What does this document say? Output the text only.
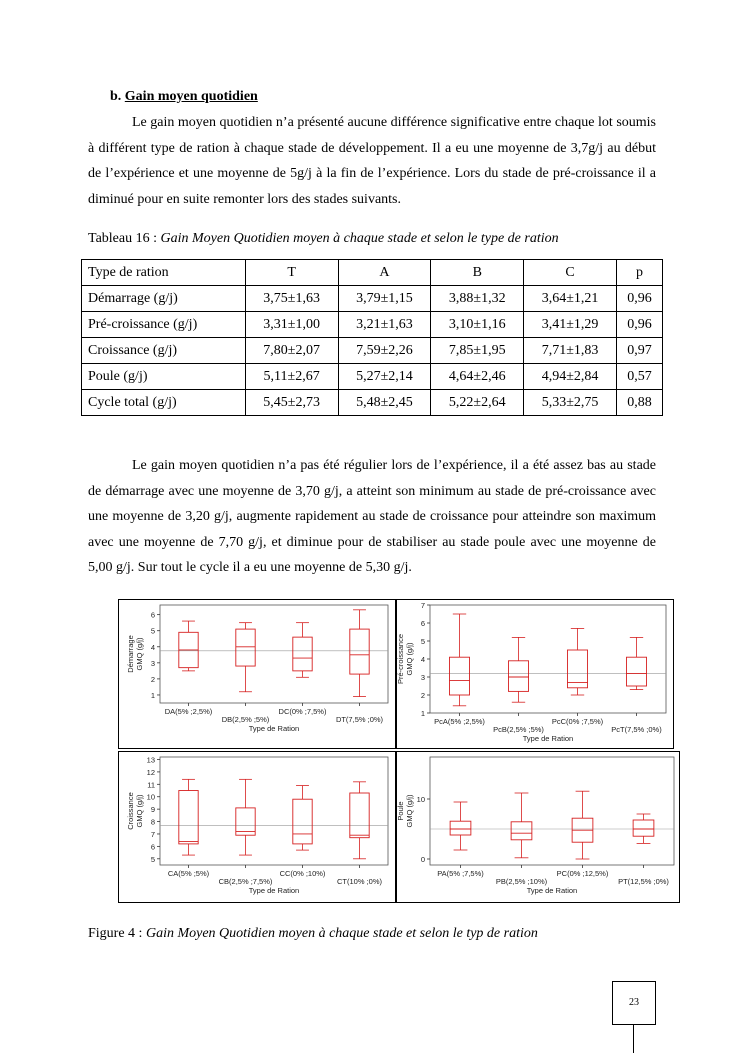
b. Gain moyen quotidien

Le gain moyen quotidien n’a présenté aucune différence significative entre chaque lot soumis à différent type de ration à chaque stade de développement. Il a eu une moyenne de 3,7g/j au début de l’expérience et une moyenne de 5g/j à la fin de l’expérience. Lors du stade de pré-croissance il a diminué pour en suite remonter lors des stades suivants.

Tableau 16 : Gain Moyen Quotidien moyen à chaque stade et selon le type de ration
Type de ration	T	A	B	C	p
Démarrage (g/j)	3,75±1,63	3,79±1,15	3,88±1,32	3,64±1,21	0,96
Pré-croissance (g/j)	3,31±1,00	3,21±1,63	3,10±1,16	3,41±1,29	0,96
Croissance (g/j)	7,80±2,07	7,59±2,26	7,85±1,95	7,71±1,83	0,97
Poule (g/j)	5,11±2,67	5,27±2,14	4,64±2,46	4,94±2,84	0,57
Cycle total (g/j)	5,45±2,73	5,48±2,45	5,22±2,64	5,33±2,75	0,88

Le gain moyen quotidien n’a pas été régulier lors de l’expérience, il a été assez bas au stade de démarrage avec une moyenne de 3,70 g/j, a atteint son minimum au stade de pré-croissance avec une moyenne de 3,20 g/j, augmente rapidement au stade de croissance pour atteindre son maximum avec une moyenne de 7,70 g/j, et diminue pour de stabiliser au stade poule avec une moyenne de 5,00 g/j. Sur tout le cycle il a eu une moyenne de 5,30 g/j.

1
2
3
4
5
6
DémarrageGMQ (g/j)
DA(5% ;2,5%)
DB(2,5% ;5%)
DC(0% ;7,5%)
DT(7,5% ;0%)
Type de Ration
1
2
3
4
5
6
7
Pré-croissanceGMQ (g/j)
PcA(5% ;2,5%)
PcB(2,5% ;5%)
PcC(0% ;7,5%)
PcT(7,5% ;0%)
Type de Ration
5
6
7
8
9
10
11
12
13
CroissanceGMQ (g/j)
CA(5% ;5%)
CB(2,5% ;7,5%)
CC(0% ;10%)
CT(10% ;0%)
Type de Ration
0
10
PouleGMQ (g/j)
PA(5% ;7,5%)
PB(2,5% ;10%)
PC(0% ;12,5%)
PT(12,5% ;0%)
Type de Ration
Figure 4 : Gain Moyen Quotidien moyen à chaque stade et selon le typ de ration
23
